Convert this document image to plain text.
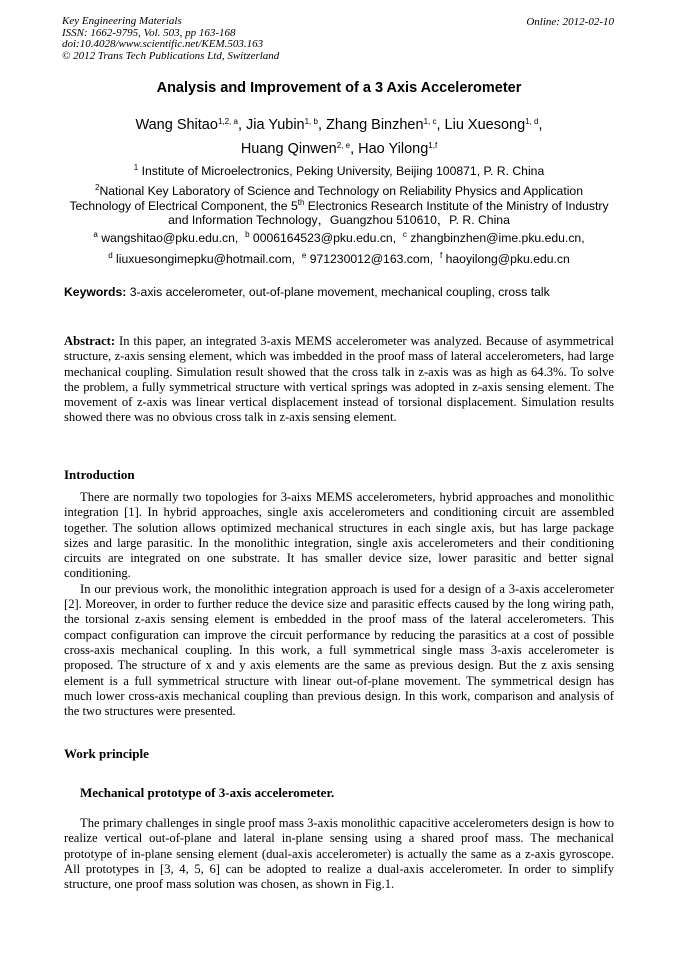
Key Engineering Materials
ISSN: 1662-9795, Vol. 503, pp 163-168
doi:10.4028/www.scientific.net/KEM.503.163
© 2012 Trans Tech Publications Ltd, Switzerland
Online: 2012-02-10
Analysis and Improvement of a 3 Axis Accelerometer
Wang Shitao$^{1,2, a}$, Jia Yubin$^{1, b}$, Zhang Binzhen$^{1, c}$, Liu Xuesong$^{1, d}$,
Huang Qinwen$^{2, e}$, Hao Yilong$^{1,f}$
$^1$ Institute of Microelectronics, Peking University, Beijing 100871, P. R. China
$^2$National Key Laboratory of Science and Technology on Reliability Physics and Application
Technology of Electrical Component, the 5th Electronics Research Institute of the Ministry of Industry
and Information Technology，Guangzhou 510610，P. R. China
$^a$ wangshitao@pku.edu.cn, $^b$ 0006164523@pku.edu.cn, $^c$ zhangbinzhen@ime.pku.edu.cn,
$^d$ liuxuesongimepku@hotmail.com, $^e$ 971230012@163.com, $^f$ haoyilong@pku.edu.cn
Keywords: 3-axis accelerometer, out-of-plane movement, mechanical coupling, cross talk

Abstract: In this paper, an integrated 3-axis MEMS accelerometer was analyzed. Because of asymmetrical structure, z-axis sensing element, which was imbedded in the proof mass of lateral accelerometers, had large mechanical coupling. Simulation result showed that the cross talk in z-axis was as high as 64.3%. To solve the problem, a fully symmetrical structure with vertical springs was adopted in z-axis sensing element. The movement of z-axis was linear vertical displacement instead of torsional displacement. Simulation results showed there was no obvious cross talk in z-axis sensing element.

Introduction

There are normally two topologies for 3-aixs MEMS accelerometers, hybrid approaches and monolithic integration [1]. In hybrid approaches, single axis accelerometers and conditioning circuit are assembled together. The solution allows optimized mechanical structures in each single axis, but has large package sizes and large parasitic. In the monolithic integration, single axis accelerometers and their conditioning circuits are integrated on one substrate. It has smaller device size, lower parasitic and better signal conditioning.

In our previous work, the monolithic integration approach is used for a design of a 3-axis accelerometer [2]. Moreover, in order to further reduce the device size and parasitic effects caused by the long wiring path, the torsional z-axis sensing element is embedded in the proof mass of the lateral accelerometers. This compact configuration can improve the circuit performance by reducing the parasitics at a cost of possible cross-axis mechanical coupling. In this work, a full symmetrical single mass 3-axis accelerometer is proposed. The structure of x and y axis elements are the same as previous design. But the z axis sensing element is a full symmetrical structure with linear out-of-plane movement. The symmetrical design has much lower cross-axis mechanical coupling than previous design. In this work, comparison and analysis of the two structures were presented.

Work principle
Mechanical prototype of 3-axis accelerometer.

The primary challenges in single proof mass 3-axis monolithic capacitive accelerometers design is how to realize vertical out-of-plane and lateral in-plane sensing using a shared proof mass. The mechanical prototype of in-plane sensing element (dual-axis accelerometer) is actually the same as a z-axis gyroscope. All prototypes in [3, 4, 5, 6] can be adopted to realize a dual-axis accelerometer. In order to simplify structure, one proof mass solution was chosen, as shown in Fig.1.
